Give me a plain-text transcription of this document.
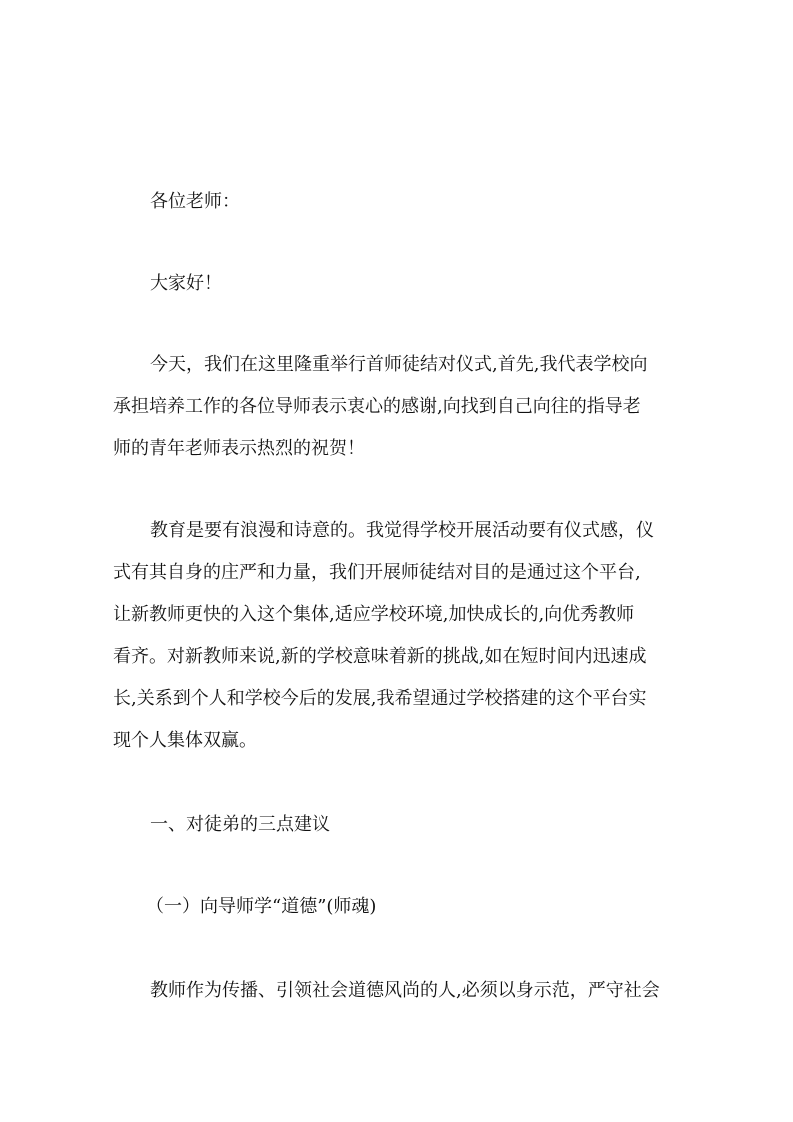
各位老师：

大家好！

今天，我们在这里隆重举行首师徒结对仪式,首先,我代表学校向
承担培养工作的各位导师表示衷心的感谢,向找到自己向往的指导老
师的青年老师表示热烈的祝贺！

教育是要有浪漫和诗意的。我觉得学校开展活动要有仪式感，仪
式有其自身的庄严和力量，我们开展师徒结对目的是通过这个平台,
让新教师更快的入这个集体,适应学校环境,加快成长的,向优秀教师
看齐。对新教师来说,新的学校意味着新的挑战,如在短时间内迅速成
长,关系到个人和学校今后的发展,我希望通过学校搭建的这个平台实
现个人集体双赢。

一、对徒弟的三点建议

（一）向导师学“道德”(师魂)

教师作为传播、引领社会道德风尚的人,必须以身示范，严守社会
